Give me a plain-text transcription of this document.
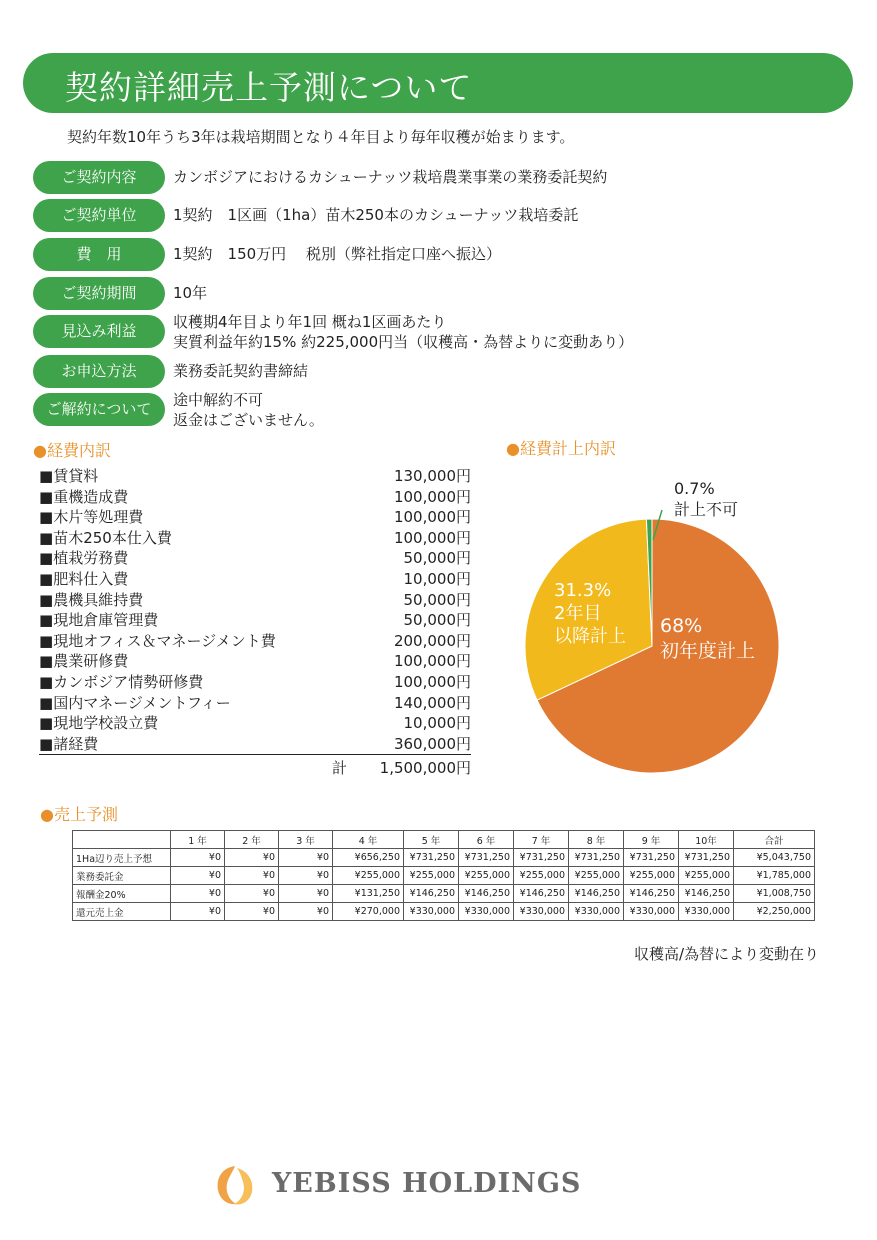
契約詳細売上予測について
契約年数10年うち3年は栽培期間となり４年目より毎年収穫が始まります。
ご契約内容	カンボジアにおけるカシューナッツ栽培農業事業の業務委託契約
ご契約単位	1契約　1区画（1ha）苗木250本のカシューナッツ栽培委託
費　用	1契約　150万円　 税別（弊社指定口座へ振込）
ご契約期間	10年
見込み利益	収穫期4年目より年1回 概ね1区画あたり
実質利益年約15% 約225,000円当（収穫高・為替よりに変動あり）
お申込方法	業務委託契約書締結
ご解約について	途中解約不可
返金はございません。
●経費内訳
■賃貸料	130,000円
■重機造成費	100,000円
■木片等処理費	100,000円
■苗木250本仕入費	100,000円
■植栽労務費	50,000円
■肥料仕入費	10,000円
■農機具維持費	50,000円
■現地倉庫管理費	50,000円
■現地オフィス＆マネージメント費	200,000円
■農業研修費	100,000円
■カンボジア情勢研修費	100,000円
■国内マネージメントフィー	140,000円
■現地学校設立費	10,000円
■諸経費	360,000円
計 1,500,000円
●経費計上内訳
0.7%
計上不可
31.3%
2年目
以降計上 68%
初年度計上
●売上予測
	1 年	2 年	3 年	4 年	5 年	6 年	7 年	8 年	9 年	10年	合計
1Ha辺り売上予想	¥0	¥0	¥0	¥656,250	¥731,250	¥731,250	¥731,250	¥731,250	¥731,250	¥731,250	¥5,043,750
業務委託金	¥0	¥0	¥0	¥255,000	¥255,000	¥255,000	¥255,000	¥255,000	¥255,000	¥255,000	¥1,785,000
報酬金20%	¥0	¥0	¥0	¥131,250	¥146,250	¥146,250	¥146,250	¥146,250	¥146,250	¥146,250	¥1,008,750
還元売上金	¥0	¥0	¥0	¥270,000	¥330,000	¥330,000	¥330,000	¥330,000	¥330,000	¥330,000	¥2,250,000
収穫高/為替により変動在り
YEBISS HOLDINGS
